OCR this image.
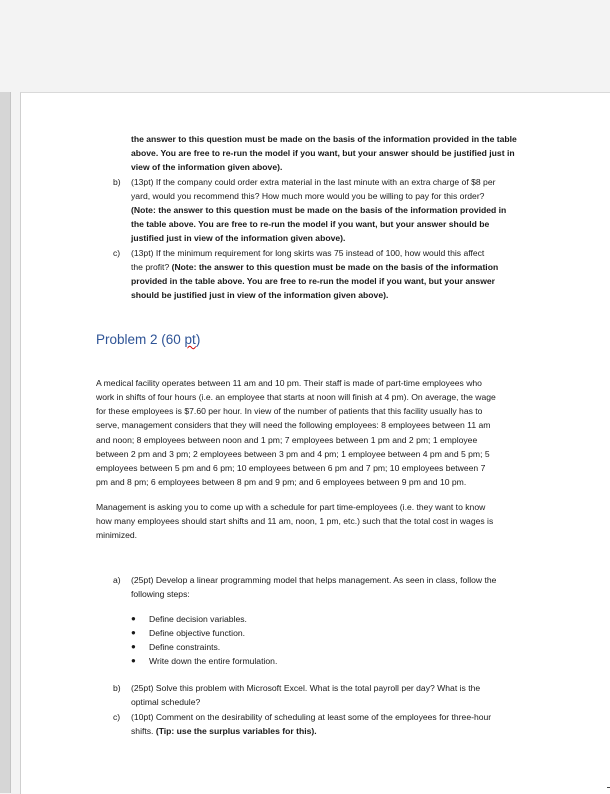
the answer to this question must be made on the basis of the information provided in the table
above. You are free to re-run the model if you want, but your answer should be justified just in
view of the information given above).
b) (13pt) If the company could order extra material in the last minute with an extra charge of $8 per
yard, would you recommend this? How much more would you be willing to pay for this order?
(Note: the answer to this question must be made on the basis of the information provided in
the table above. You are free to re-run the model if you want, but your answer should be
justified just in view of the information given above).
c) (13pt) If the minimum requirement for long skirts was 75 instead of 100, how would this affect
the profit? (Note: the answer to this question must be made on the basis of the information
provided in the table above. You are free to re-run the model if you want, but your answer
should be justified just in view of the information given above).
Problem 2 (60 pt)
A medical facility operates between 11 am and 10 pm. Their staff is made of part-time employees who
work in shifts of four hours (i.e. an employee that starts at noon will finish at 4 pm). On average, the wage
for these employees is $7.60 per hour. In view of the number of patients that this facility usually has to
serve, management considers that they will need the following employees: 8 employees between 11 am
and noon; 8 employees between noon and 1 pm; 7 employees between 1 pm and 2 pm; 1 employee
between 2 pm and 3 pm; 2 employees between 3 pm and 4 pm; 1 employee between 4 pm and 5 pm; 5
employees between 5 pm and 6 pm; 10 employees between 6 pm and 7 pm; 10 employees between 7
pm and 8 pm; 6 employees between 8 pm and 9 pm; and 6 employees between 9 pm and 10 pm.
Management is asking you to come up with a schedule for part time-employees (i.e. they want to know
how many employees should start shifts and 11 am, noon, 1 pm, etc.) such that the total cost in wages is
minimized.
a) (25pt) Develop a linear programming model that helps management. As seen in class, follow the
following steps:
● Define decision variables.
● Define objective function.
● Define constraints.
● Write down the entire formulation.
b) (25pt) Solve this problem with Microsoft Excel. What is the total payroll per day? What is the
optimal schedule?
c) (10pt) Comment on the desirability of scheduling at least some of the employees for three-hour
shifts. (Tip: use the surplus variables for this).
